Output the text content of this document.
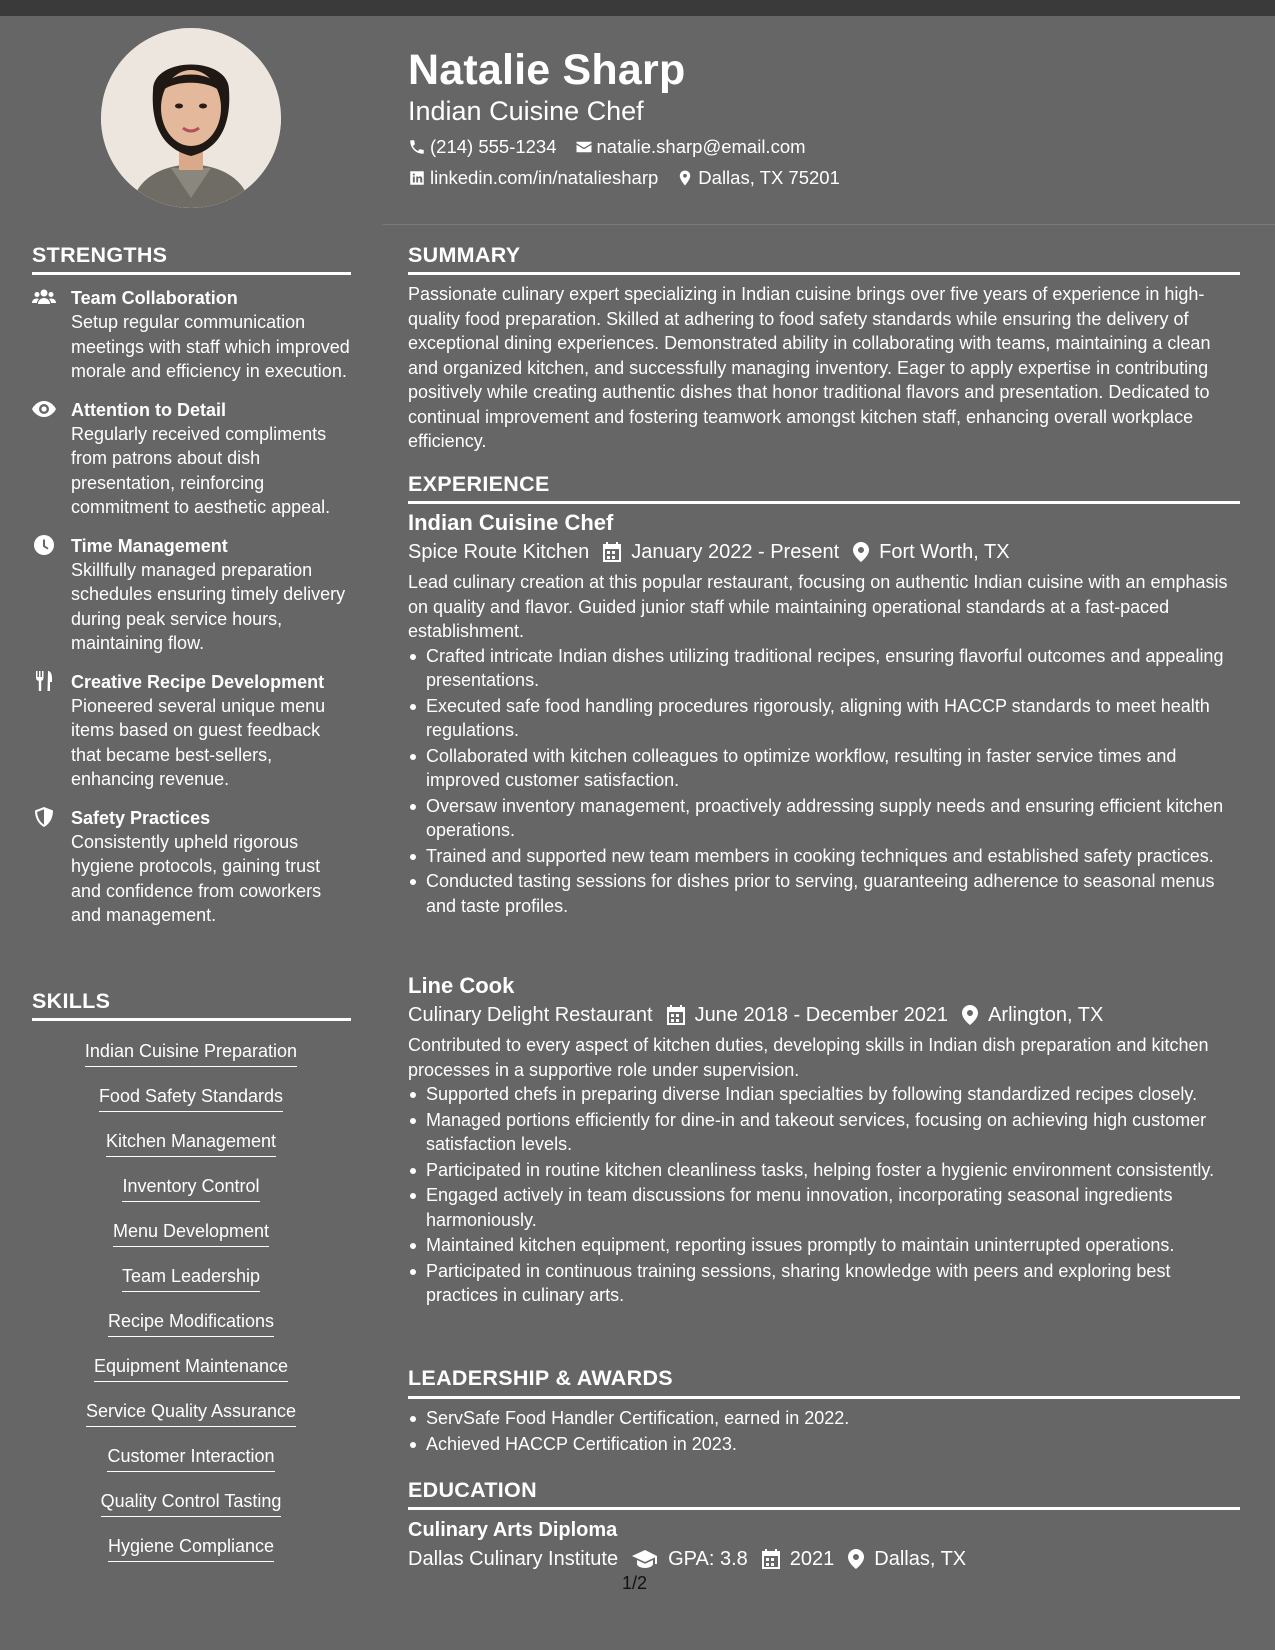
Natalie Sharp
Indian Cuisine Chef
(214) 555-1234 natalie.sharp@email.com
linkedin.com/in/nataliesharp Dallas, TX 75201
STRENGTHS
Team Collaboration
Setup regular communication meetings with staff which improved morale and efficiency in execution.
Attention to Detail
Regularly received compliments from patrons about dish presentation, reinforcing commitment to aesthetic appeal.
Time Management
Skillfully managed preparation schedules ensuring timely delivery during peak service hours, maintaining flow.
Creative Recipe Development
Pioneered several unique menu items based on guest feedback that became best-sellers, enhancing revenue.
Safety Practices
Consistently upheld rigorous hygiene protocols, gaining trust and confidence from coworkers and management.
SKILLS
Indian Cuisine Preparation
Food Safety Standards
Kitchen Management
Inventory Control
Menu Development
Team Leadership
Recipe Modifications
Equipment Maintenance
Service Quality Assurance
Customer Interaction
Quality Control Tasting
Hygiene Compliance
SUMMARY
Passionate culinary expert specializing in Indian cuisine brings over five years of experience in high-quality food preparation. Skilled at adhering to food safety standards while ensuring the delivery of exceptional dining experiences. Demonstrated ability in collaborating with teams, maintaining a clean and organized kitchen, and successfully managing inventory. Eager to apply expertise in contributing positively while creating authentic dishes that honor traditional flavors and presentation. Dedicated to continual improvement and fostering teamwork amongst kitchen staff, enhancing overall workplace efficiency.
EXPERIENCE
Indian Cuisine Chef
Spice Route Kitchen January 2022 - Present Fort Worth, TX
Lead culinary creation at this popular restaurant, focusing on authentic Indian cuisine with an emphasis on quality and flavor. Guided junior staff while maintaining operational standards at a fast-paced establishment.
Crafted intricate Indian dishes utilizing traditional recipes, ensuring flavorful outcomes and appealing presentations.
Executed safe food handling procedures rigorously, aligning with HACCP standards to meet health regulations.
Collaborated with kitchen colleagues to optimize workflow, resulting in faster service times and improved customer satisfaction.
Oversaw inventory management, proactively addressing supply needs and ensuring efficient kitchen operations.
Trained and supported new team members in cooking techniques and established safety practices.
Conducted tasting sessions for dishes prior to serving, guaranteeing adherence to seasonal menus and taste profiles.
Line Cook
Culinary Delight Restaurant June 2018 - December 2021 Arlington, TX
Contributed to every aspect of kitchen duties, developing skills in Indian dish preparation and kitchen processes in a supportive role under supervision.
Supported chefs in preparing diverse Indian specialties by following standardized recipes closely.
Managed portions efficiently for dine-in and takeout services, focusing on achieving high customer satisfaction levels.
Participated in routine kitchen cleanliness tasks, helping foster a hygienic environment consistently.
Engaged actively in team discussions for menu innovation, incorporating seasonal ingredients harmoniously.
Maintained kitchen equipment, reporting issues promptly to maintain uninterrupted operations.
Participated in continuous training sessions, sharing knowledge with peers and exploring best practices in culinary arts.
LEADERSHIP & AWARDS
ServSafe Food Handler Certification, earned in 2022.
Achieved HACCP Certification in 2023.
EDUCATION
Culinary Arts Diploma
Dallas Culinary Institute	GPA: 3.8 2021 Dallas, TX
1/2
